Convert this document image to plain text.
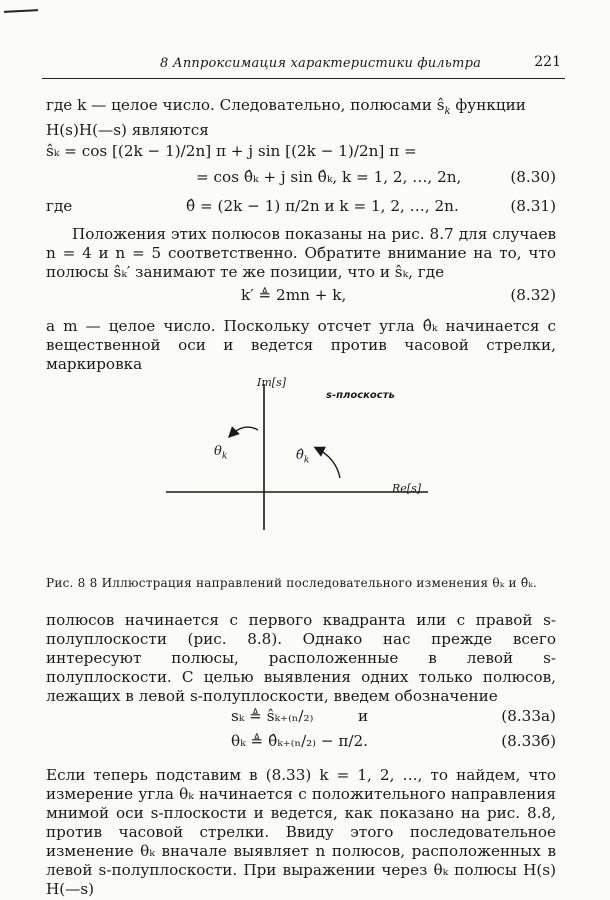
8 Аппроксимация характеристики фильтра	221
где k — целое число. Следовательно, полюсами $ŝ_k$ функции
H(s)H(—s) являются
ŝₖ = cos [(2k − 1)/2n] π + j sin [(2k − 1)/2n] π =
= cos θ̂ₖ + j sin θ̂ₖ, k = 1, 2, …, 2n,	(8.30)
где	θ̂ = (2k − 1) π/2n и k = 1, 2, …, 2n.	(8.31)
Положения этих полюсов показаны на рис. 8.7 для случаев n = 4 и n = 5 соответственно. Обратите внимание на то, что полюсы ŝₖ′ занимают те же позиции, что и ŝₖ, где
k′ ≜ 2mn + k,	(8.32)
а m — целое число. Поскольку отсчет угла θ̂ₖ начинается с вещественной оси и ведется против часовой стрелки, маркировка
Im[s]
Re[s]
s-плоскость
$\theta_k$	$\thetâ_k$
Рис. 8 8 Иллюстрация направлений последовательного изменения θₖ и θ̂ₖ.
полюсов начинается с первого квадранта или с правой s-полуплоскости (рис. 8.8). Однако нас прежде всего интересуют полюсы, расположенные в левой s-полуплоскости. С целью выявления одних только полюсов, лежащих в левой s-полуплоскости, введем обозначение
sₖ ≜ ŝₖ₊₍ₙ/₂₎	и	(8.33а)
θₖ ≜ θ̂ₖ₊₍ₙ/₂₎ − π/2.	(8.33б)
Если теперь подставим в (8.33) k = 1, 2, …, то найдем, что измерение угла θₖ начинается с положительного направления мнимой оси s-плоскости и ведется, как показано на рис. 8.8, против часовой стрелки. Ввиду этого последовательное изменение θₖ вначале выявляет n полюсов, расположенных в левой s-полуплоскости. При выражении через θₖ полюсы H(s) H(—s)
